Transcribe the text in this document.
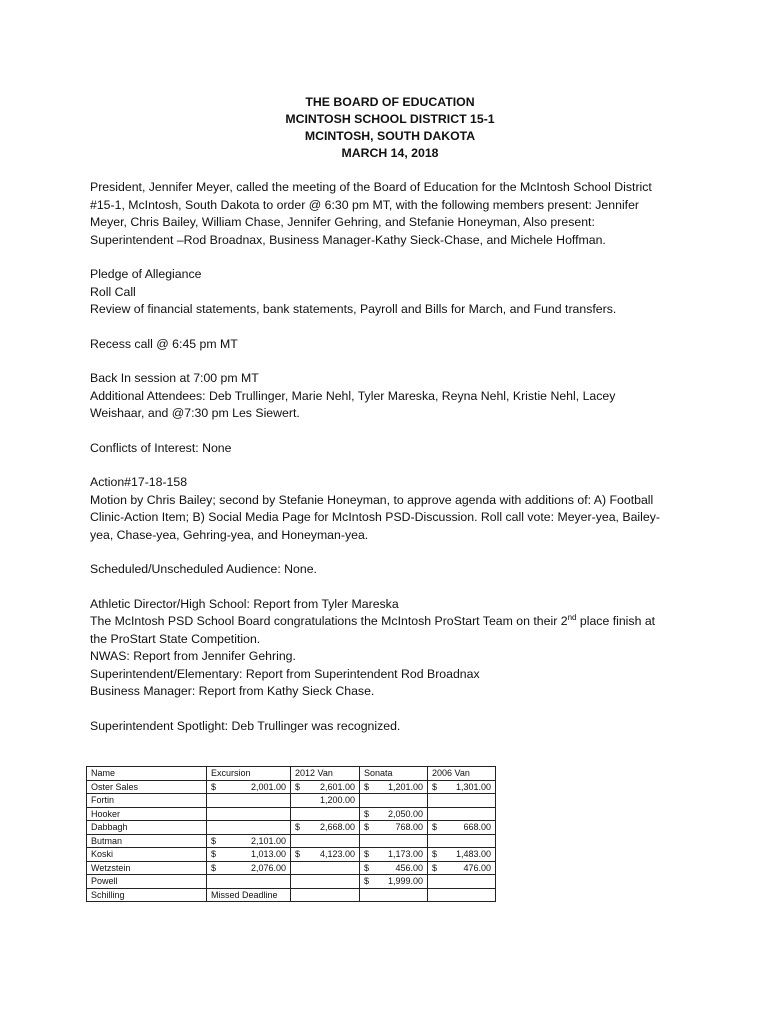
THE BOARD OF EDUCATION
MCINTOSH SCHOOL DISTRICT 15-1
MCINTOSH, SOUTH DAKOTA
MARCH 14, 2018

President, Jennifer Meyer, called the meeting of the Board of Education for the McIntosh School District
#15-1, McIntosh, South Dakota to order @ 6:30 pm MT, with the following members present: Jennifer
Meyer, Chris Bailey, William Chase, Jennifer Gehring, and Stefanie Honeyman, Also present:
Superintendent –Rod Broadnax, Business Manager-Kathy Sieck-Chase, and Michele Hoffman.

Pledge of Allegiance
Roll Call
Review of financial statements, bank statements, Payroll and Bills for March, and Fund transfers.

Recess call @ 6:45 pm MT

Back In session at 7:00 pm MT
Additional Attendees: Deb Trullinger, Marie Nehl, Tyler Mareska, Reyna Nehl, Kristie Nehl, Lacey
Weishaar, and @7:30 pm Les Siewert.

Conflicts of Interest: None

Action#17-18-158
Motion by Chris Bailey; second by Stefanie Honeyman, to approve agenda with additions of: A) Football
Clinic-Action Item; B) Social Media Page for McIntosh PSD-Discussion. Roll call vote: Meyer-yea, Bailey-
yea, Chase-yea, Gehring-yea, and Honeyman-yea.

Scheduled/Unscheduled Audience: None.

Athletic Director/High School: Report from Tyler Mareska
The McIntosh PSD School Board congratulations the McIntosh ProStart Team on their 2nd place finish at
the ProStart State Competition.
NWAS: Report from Jennifer Gehring.
Superintendent/Elementary: Report from Superintendent Rod Broadnax
Business Manager: Report from Kathy Sieck Chase.

Superintendent Spotlight: Deb Trullinger was recognized.

Name	Excursion	2012 Van	Sonata	2006 Van
Oster Sales	$ 2,001.00	$ 2,601.00	$ 1,201.00	$ 1,301.00

Fortin		1,200.00		
Hooker			$ 2,050.00	

Dabbagh		$ 2,668.00	$ 768.00	$ 668.00

Butman	$ 2,101.00			

Koski	$ 1,013.00	$ 4,123.00	$ 1,173.00	$ 1,483.00

Wetzstein	$ 2,076.00		$ 456.00	$ 476.00

Powell			$ 1,999.00	

Schilling	Missed Deadline			
